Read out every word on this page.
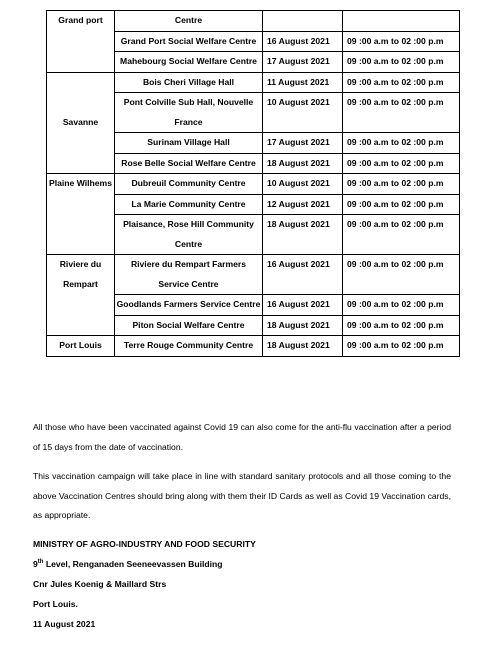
Grand port	Centre		
	Grand Port Social Welfare Centre	16 August 2021	09 :00 a.m to 02 :00 p.m
	Mahebourg Social Welfare Centre	17 August 2021	09 :00 a.m to 02 :00 p.m
Savanne	Bois Cheri Village Hall	11 August 2021	09 :00 a.m to 02 :00 p.m
	Pont Colville Sub Hall, Nouvelle France	10 August 2021	09 :00 a.m to 02 :00 p.m
	Surinam Village Hall	17 August 2021	09 :00 a.m to 02 :00 p.m
	Rose Belle Social Welfare Centre	18 August 2021	09 :00 a.m to 02 :00 p.m
Plaine Wilhems	Dubreuil Community Centre	10 August 2021	09 :00 a.m to 02 :00 p.m
	La Marie Community Centre	12 August 2021	09 :00 a.m to 02 :00 p.m
	Plaisance, Rose Hill Community Centre	18 August 2021	09 :00 a.m to 02 :00 p.m
Riviere du Rempart	Riviere du Rempart Farmers Service Centre	16 August 2021	09 :00 a.m to 02 :00 p.m
	Goodlands Farmers Service Centre	16 August 2021	09 :00 a.m to 02 :00 p.m
	Piton Social Welfare Centre	18 August 2021	09 :00 a.m to 02 :00 p.m
Port Louis	Terre Rouge Community Centre	18 August 2021	09 :00 a.m to 02 :00 p.m

All those who have been vaccinated against Covid 19 can also come for the anti-flu vaccination after a period of 15 days from the date of vaccination.

This vaccination campaign will take place in line with standard sanitary protocols and all those coming to the above Vaccination Centres should bring along with them their ID Cards as well as Covid 19 Vaccination cards, as appropriate.

MINISTRY OF AGRO-INDUSTRY AND FOOD SECURITY
9th Level, Renganaden Seeneevassen Building
Cnr Jules Koenig & Maillard Strs
Port Louis.
11 August 2021
